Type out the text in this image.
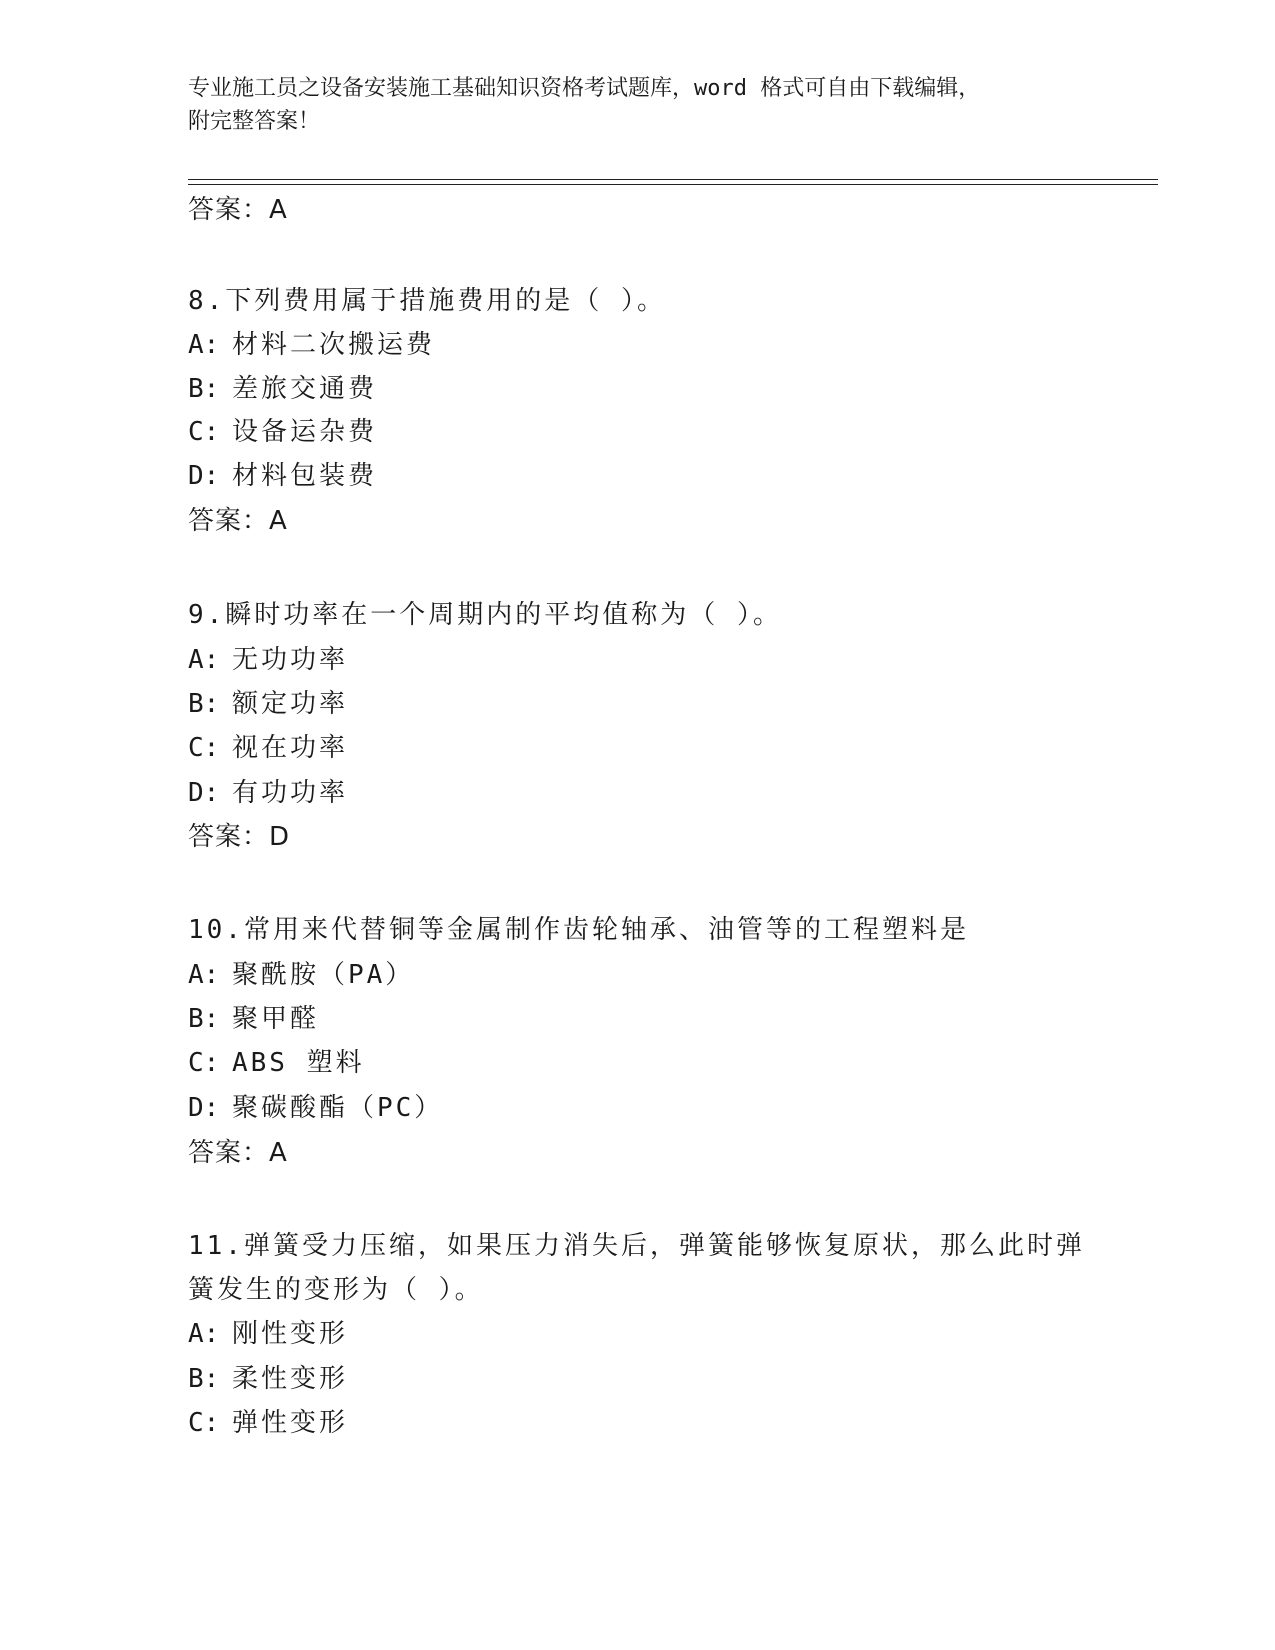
专业施工员之设备安装施工基础知识资格考试题库，word 格式可自由下载编辑，
附完整答案！
答案：A
8.下列费用属于措施费用的是（ ）。
A: 材料二次搬运费
B: 差旅交通费
C: 设备运杂费
D: 材料包装费
答案：A
9.瞬时功率在一个周期内的平均值称为（ ）。
A: 无功功率
B: 额定功率
C: 视在功率
D: 有功功率
答案：D
10.常用来代替铜等金属制作齿轮轴承、油管等的工程塑料是
A: 聚酰胺（PA）
B: 聚甲醛
C: ABS 塑料
D: 聚碳酸酯（PC）
答案：A
11.弹簧受力压缩，如果压力消失后，弹簧能够恢复原状，那么此时弹
簧发生的变形为（ ）。
A: 刚性变形
B: 柔性变形
C: 弹性变形
